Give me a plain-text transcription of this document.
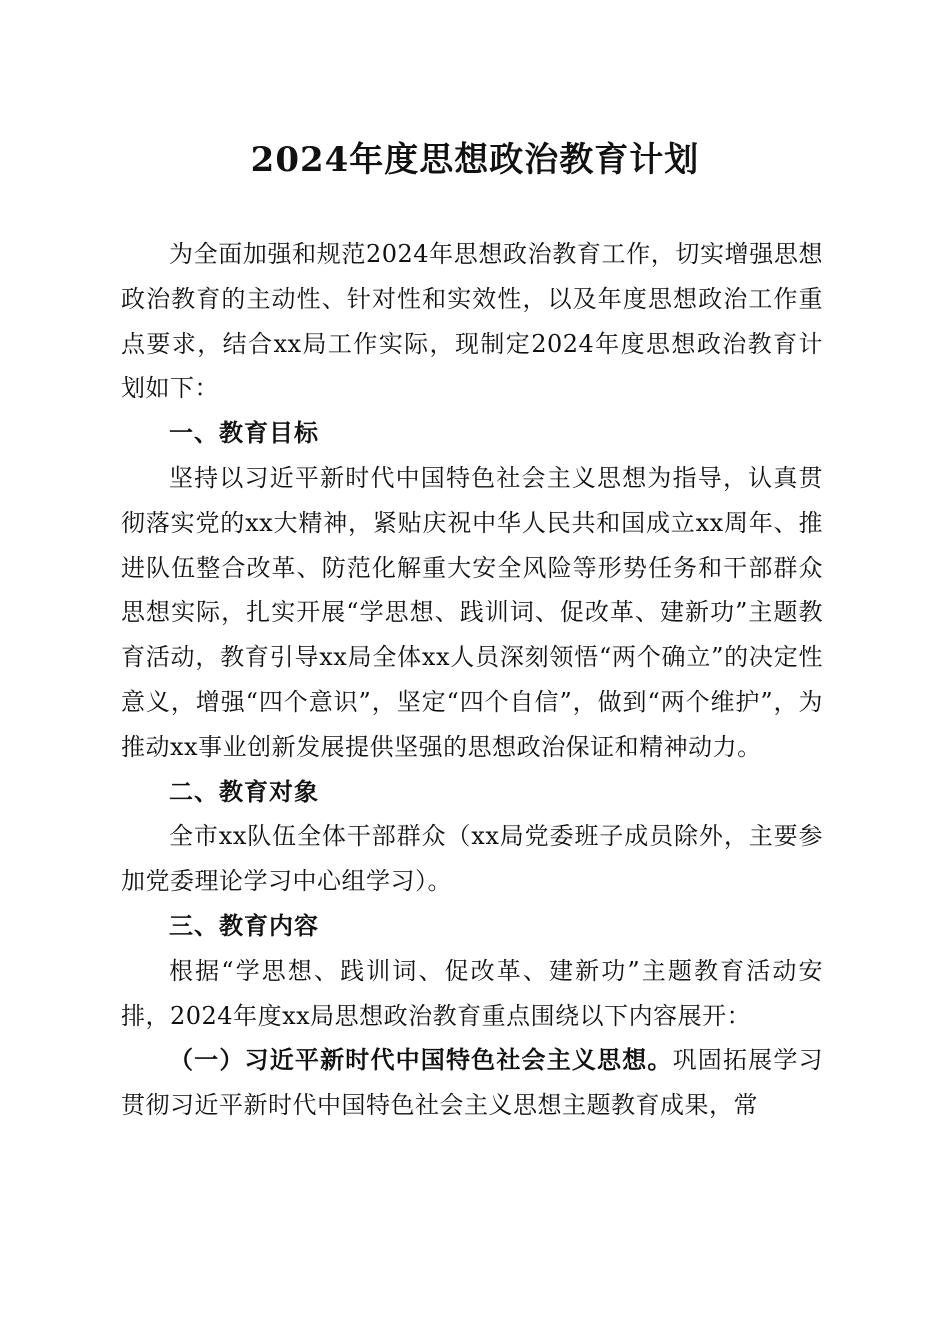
2024年度思想政治教育计划

为全面加强和规范2024年思想政治教育工作，切实增强思想政治教育的主动性、针对性和实效性，以及年度思想政治工作重点要求，结合xx局工作实际，现制定2024年度思想政治教育计划如下：

一、教育目标

坚持以习近平新时代中国特色社会主义思想为指导，认真贯彻落实党的xx大精神，紧贴庆祝中华人民共和国成立xx周年、推进队伍整合改革、防范化解重大安全风险等形势任务和干部群众思想实际，扎实开展“学思想、践训词、促改革、建新功”主题教育活动，教育引导xx局全体xx人员深刻领悟“两个确立”的决定性意义，增强“四个意识”，坚定“四个自信”，做到“两个维护”，为推动xx事业创新发展提供坚强的思想政治保证和精神动力。

二、教育对象

全市xx队伍全体干部群众（xx局党委班子成员除外，主要参加党委理论学习中心组学习）。

三、教育内容

根据“学思想、践训词、促改革、建新功”主题教育活动安排，2024年度xx局思想政治教育重点围绕以下内容展开：

（一）习近平新时代中国特色社会主义思想。巩固拓展学习贯彻习近平新时代中国特色社会主义思想主题教育成果，常
